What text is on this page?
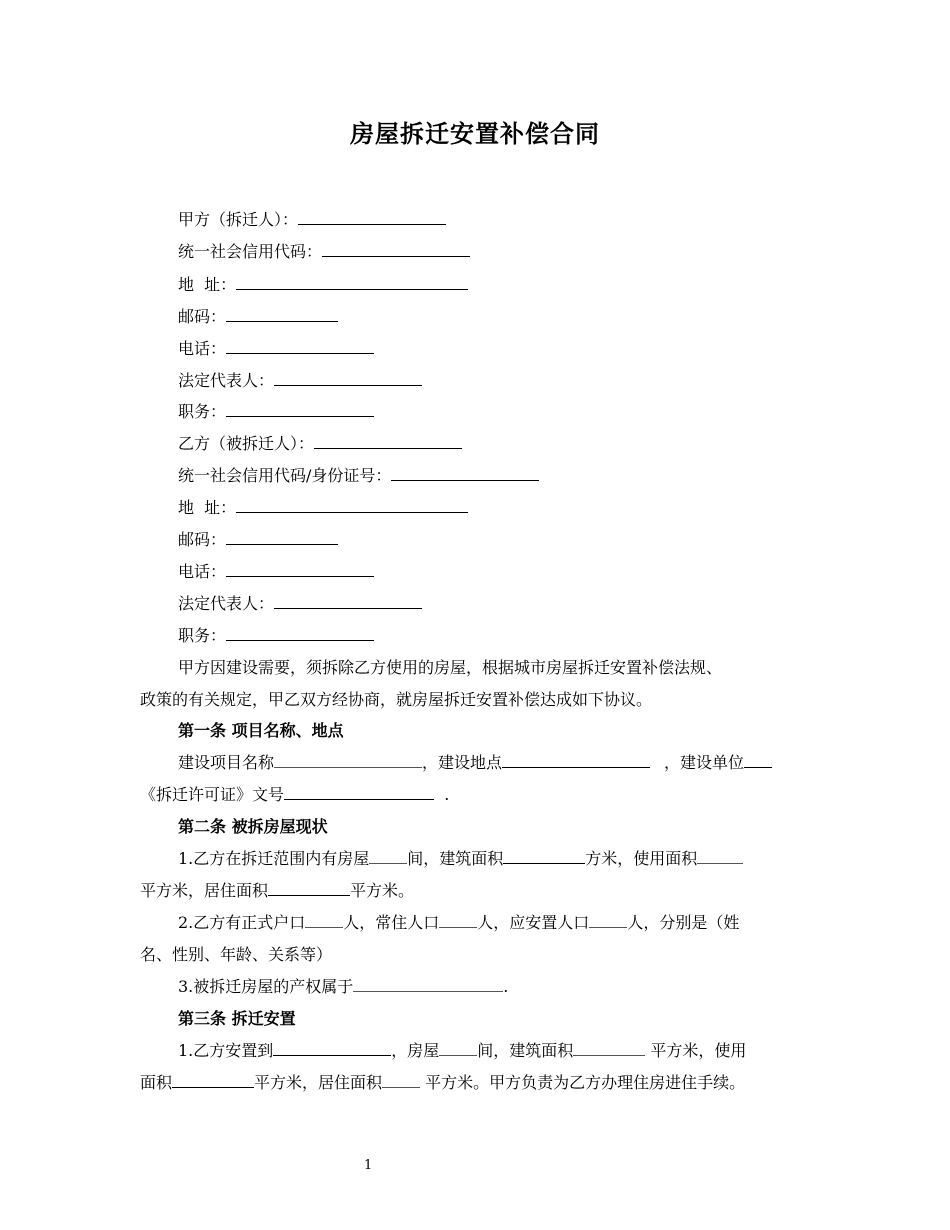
房屋拆迁安置补偿合同
甲方（拆迁人）：
统一社会信用代码：
地  址：
邮码：
电话：
法定代表人：
职务：
乙方（被拆迁人）：
统一社会信用代码/身份证号：
地  址：
邮码：
电话：
法定代表人：
职务：
甲方因建设需要，须拆除乙方使用的房屋，根据城市房屋拆迁安置补偿法规、
政策的有关规定，甲乙双方经协商，就房屋拆迁安置补偿达成如下协议。
第一条 项目名称、地点
建设项目名称	，建设地点	，建设单位
《拆迁许可证》文号	.
第二条 被拆房屋现状
1.乙方在拆迁范围内有房屋 间，建筑面积	方米，使用面积
平方米，居住面积	平方米。
2.乙方有正式户口 人，常住人口 人，应安置人口 人，分别是（姓
名、性别、年龄、关系等）
3.被拆迁房屋的产权属于	.
第三条 拆迁安置
1.乙方安置到	，房屋 间，建筑面积	平方米，使用
面积	平方米，居住面积 平方米。甲方负责为乙方办理住房进住手续。
1
